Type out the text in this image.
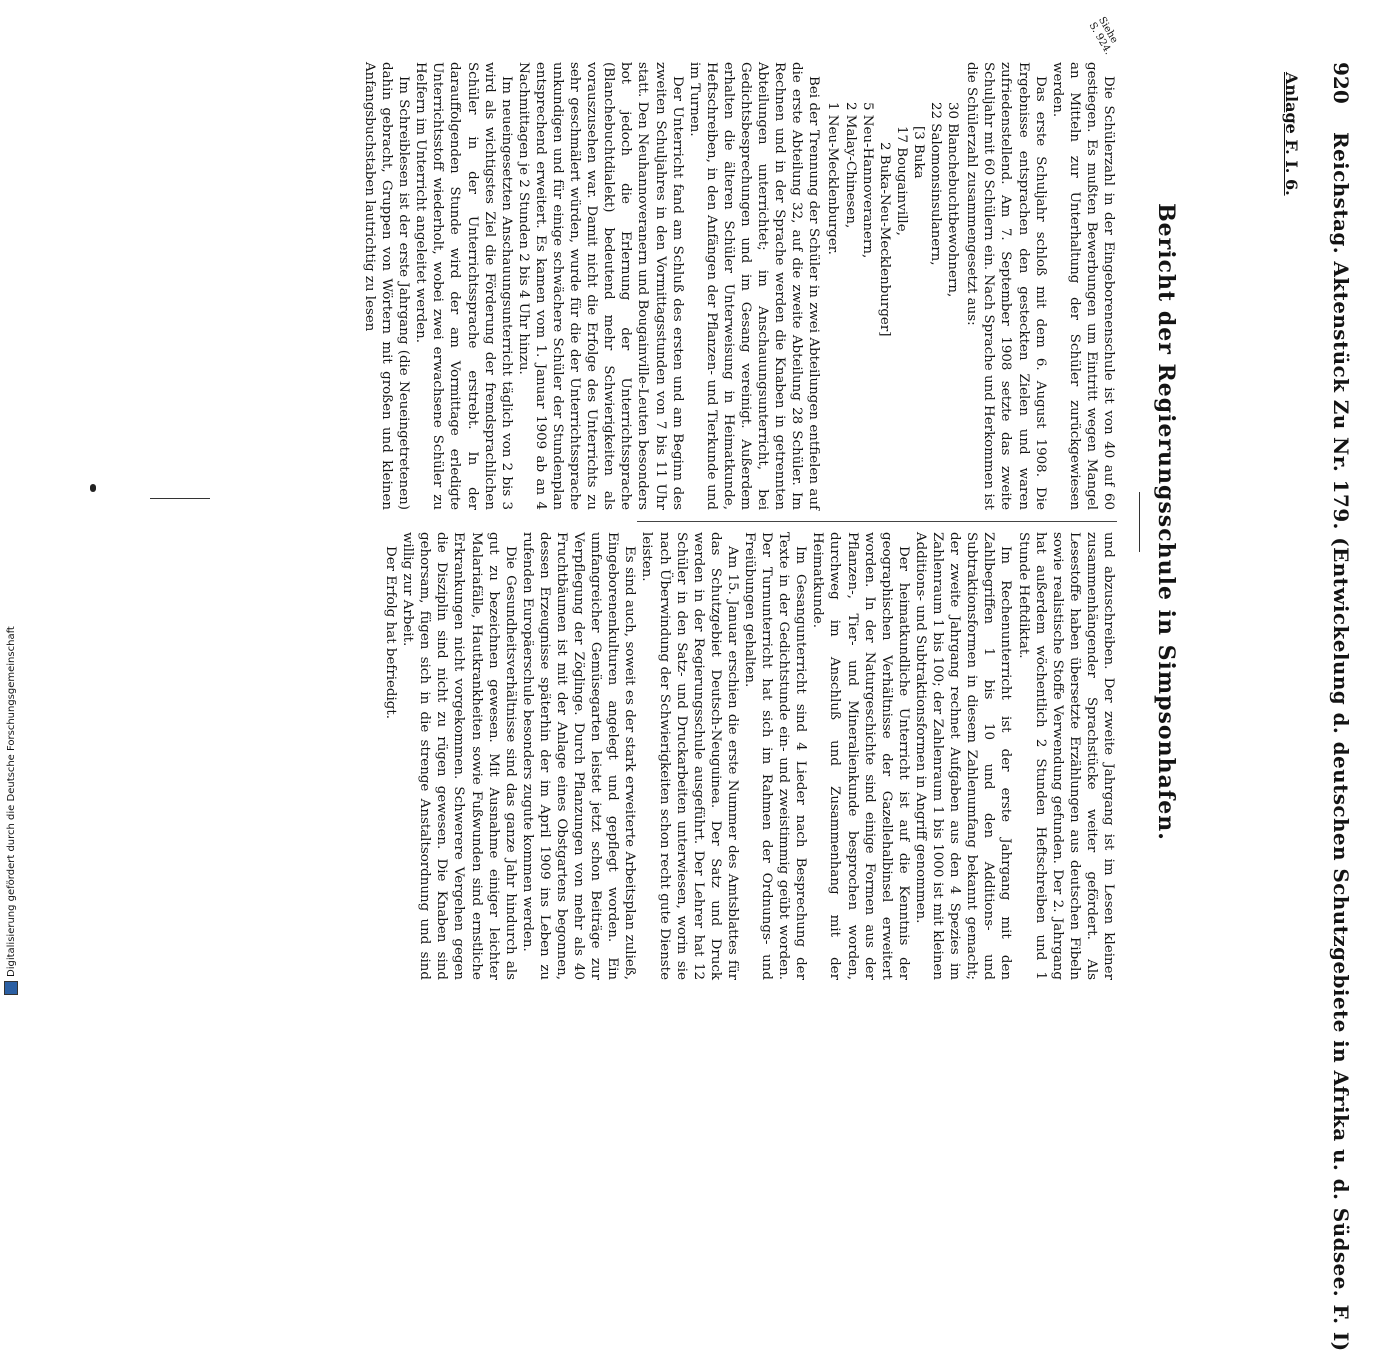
920
Reichstag. Aktenstück Zu Nr. 179. (Entwickelung d. deutschen Schutzgebiete in Afrika u. d. Südsee. F. I)
Anlage F. I. 6.
Bericht der Regierungsschule in Simpsonhafen.
Siehe S. 924.

Die Schülerzahl in der Eingeborenenschule ist von 40 auf 60 gestiegen. Es mußten Bewerbungen um Eintritt wegen Mangel an Mitteln zur Unterhaltung der Schüler zurückgewiesen werden.

Das erste Schuljahr schloß mit dem 6. August 1908. Die Ergebnisse entsprachen den gesteckten Zielen und waren zufriedenstellend. Am 7. September 1908 setzte das zweite Schuljahr mit 60 Schülern ein. Nach Sprache und Herkommen ist die Schülerzahl zusammengesetzt aus:

30 Blanchebuchtbewohnern,
22 Salomonsinsulanern,
[3 Buka
17 Bougainville,
2 Buka-Neu-Mecklenburger]
5 Neu-Hannoveranern,
2 Malay-Chinesen,
1 Neu-Mecklenburger.

Bei der Trennung der Schüler in zwei Abteilungen entfielen auf die erste Abteilung 32, auf die zweite Abteilung 28 Schüler. Im Rechnen und in der Sprache werden die Knaben in getrennten Abteilungen unterrichtet; im Anschauungsunterricht, bei Gedichtsbesprechungen und im Gesang vereinigt. Außerdem erhalten die älteren Schüler Unterweisung in Heimatkunde, Heftschreiben, in den Anfängen der Pflanzen- und Tierkunde und im Turnen.

Der Unterricht fand am Schluß des ersten und am Beginn des zweiten Schuljahres in den Vormittagsstunden von 7 bis 11 Uhr statt. Den Neuhannoveranern und Bougainville-Leuten besonders bot jedoch die Erlernung der Unterrichtssprache (Blanchebuchtdialekt) bedeutend mehr Schwierigkeiten als vorauszusehen war. Damit nicht die Erfolge des Unterrichts zu sehr geschmälert würden, wurde für die der Unterrichtssprache unkundigen und für einige schwächere Schüler der Stundenplan entsprechend erweitert. Es kamen vom 1. Januar 1909 ab an 4 Nachmittagen je 2 Stunden 2 bis 4 Uhr hinzu.

Im neueingesetzten Anschauungsunterricht täglich von 2 bis 3 wird als wichtigstes Ziel die Förderung der fremdsprachlichen Schüler in der Unterrichtssprache erstrebt. In der darauffolgenden Stunde wird der am Vormittage erledigte Unterrichtsstoff wiederholt, wobei zwei erwachsene Schüler zu Helfern im Unterricht angeleitet werden.

Im Schreiblesen ist der erste Jahrgang (die Neueingetretenen) dahin gebracht, Gruppen von Wörtern mit großen und kleinen Anfangsbuchstaben lautrichtig zu lesen

und abzuschreiben. Der zweite Jahrgang ist im Lesen kleiner zusammenhängender Sprachstücke weiter gefördert. Als Lesestoffe haben übersetzte Erzählungen aus deutschen Fibeln sowie realistische Stoffe Verwendung gefunden. Der 2. Jahrgang hat außerdem wöchentlich 2 Stunden Heftschreiben und 1 Stunde Heftdiktat.

Im Rechenunterricht ist der erste Jahrgang mit den Zahlbegriffen 1 bis 10 und den Additions- und Subtraktionsformen in diesem Zahlenumfang bekannt gemacht; der zweite Jahrgang rechnet Aufgaben aus den 4 Spezies im Zahlenraum 1 bis 100; der Zahlenraum 1 bis 1000 ist mit kleinen Additions- und Subtraktionsformen in Angriff genommen.

Der heimatkundliche Unterricht ist auf die Kenntnis der geographischen Verhältnisse der Gazellehalbinsel erweitert worden. In der Naturgeschichte sind einige Formen aus der Pflanzen-, Tier- und Mineralienkunde besprochen worden, durchweg im Anschluß und Zusammenhang mit der Heimatkunde.

Im Gesangunterricht sind 4 Lieder nach Besprechung der Texte in der Gedichtstunde ein- und zweistimmig geübt worden. Der Turnunterricht hat sich im Rahmen der Ordnungs- und Freiübungen gehalten.

Am 15. Januar erschien die erste Nummer des Amtsblattes für das Schutzgebiet Deutsch-Neuguinea. Der Satz und Druck werden in der Regierungsschule ausgeführt. Der Lehrer hat 12 Schüler in den Satz- und Druckarbeiten unterwiesen, worin sie nach Überwindung der Schwierigkeiten schon recht gute Dienste leisten.

Es sind auch, soweit es der stark erweiterte Arbeitsplan zuließ, Eingeborenenkulturen angelegt und gepflegt worden. Ein umfangreicher Gemüsegarten leistet jetzt schon Beiträge zur Verpflegung der Zöglinge. Durch Pflanzungen von mehr als 40 Fruchtbäumen ist mit der Anlage eines Obstgartens begonnen, dessen Erzeugnisse späterhin der im April 1909 ins Leben zu rufenden Europäerschule besonders zugute kommen werden.

Die Gesundheitsverhältnisse sind das ganze Jahr hindurch als gut zu bezeichnen gewesen. Mit Ausnahme einiger leichter Malariafälle, Hautkrankheiten sowie Fußwunden sind ernstliche Erkrankungen nicht vorgekommen. Schwerere Vergehen gegen die Disziplin sind nicht zu rügen gewesen. Die Knaben sind gehorsam, fügen sich in die strenge Anstaltsordnung und sind willig zur Arbeit.

Der Erfolg hat befriedigt.

Digitalisierung gefördert durch die Deutsche Forschungsgemeinschaft
